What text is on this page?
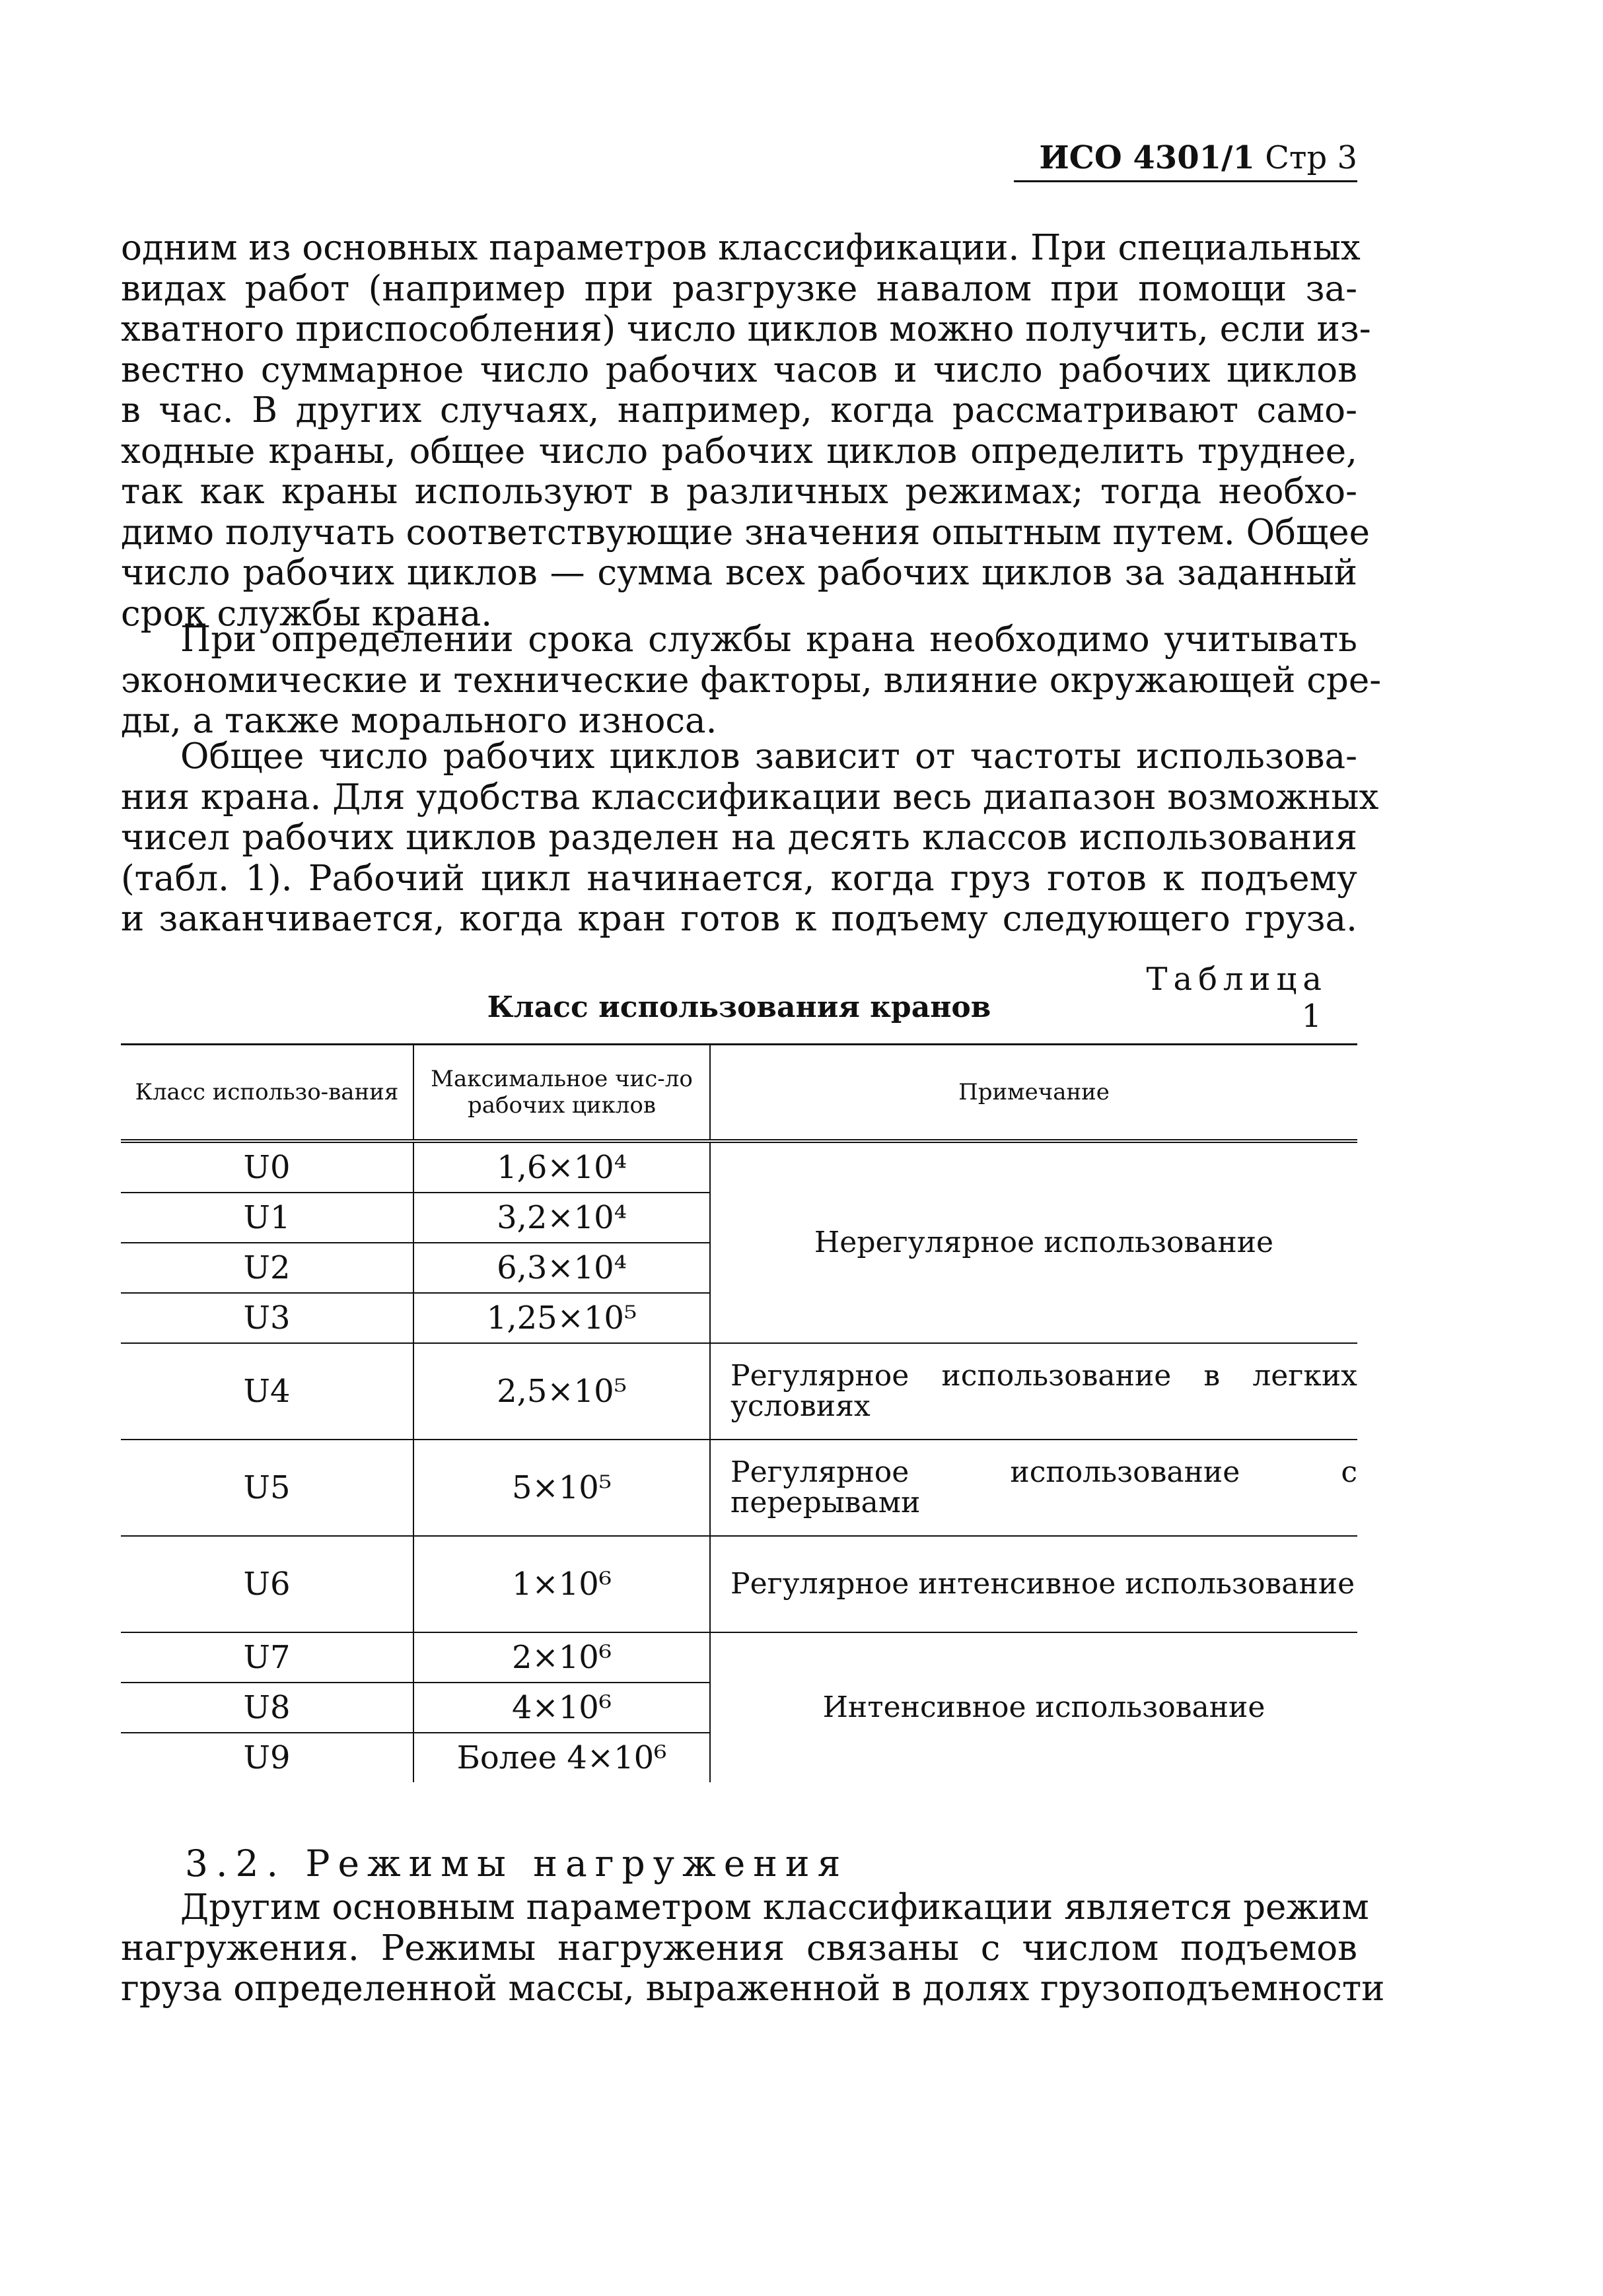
ИСО 4301/1 Стр 3
одним из основных параметров классификации. При специальных
видах работ (например при разгрузке навалом при помощи за-
хватного приспособления) число циклов можно получить, если из-
вестно суммарное число рабочих часов и число рабочих циклов
в час. В других случаях, например, когда рассматривают само-
ходные краны, общее число рабочих циклов определить труднее,
так как краны используют в различных режимах; тогда необхо-
димо получать соответствующие значения опытным путем. Общее
число рабочих циклов — сумма всех рабочих циклов за заданный
срок службы крана.
При определении срока службы крана необходимо учитывать
экономические и технические факторы, влияние окружающей сре-
ды, а также морального износа.
Общее число рабочих циклов зависит от частоты использова-
ния крана. Для удобства классификации весь диапазон возможных
чисел рабочих циклов разделен на десять классов использования
(табл. 1). Рабочий цикл начинается, когда груз готов к подъему
и заканчивается, когда кран готов к подъему следующего груза.
Таблица 1
Класс использования кранов
Класс использо-вания	Максимальное чис-ло рабочих циклов	Примечание
U0	1,6×10⁴	Нерегулярное использование
U1	3,2×10⁴	
U2	6,3×10⁴	
U3	1,25×10⁵	
U4	2,5×10⁵	Регулярное использование в легких условиях
U5	5×10⁵	Регулярное использование с перерывами
U6	1×10⁶	Регулярное интенсивное использование
U7	2×10⁶	Интенсивное использование
U8	4×10⁶	
U9	Более 4×10⁶	
3.2. Режимы нагружения
Другим основным параметром классификации является режим
нагружения. Режимы нагружения связаны с числом подъемов
груза определенной массы, выраженной в долях грузоподъемности
